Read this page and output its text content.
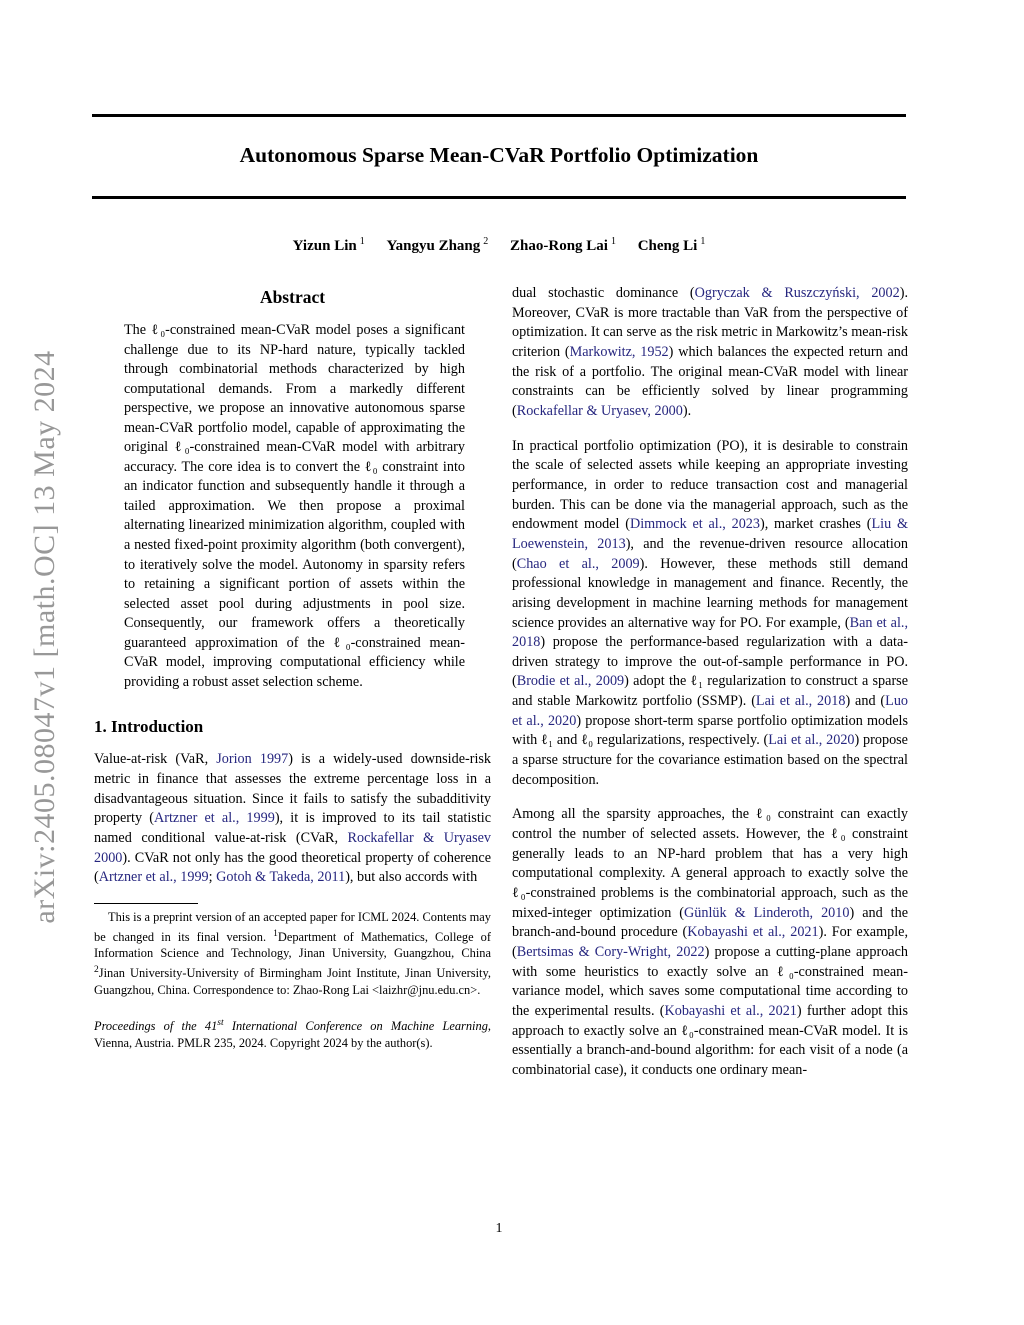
arXiv:2405.08047v1 [math.OC] 13 May 2024
Autonomous Sparse Mean-CVaR Portfolio Optimization
Yizun Lin $^1$ Yangyu Zhang $^2$ Zhao-Rong Lai $^1$ Cheng Li $^1$
Abstract
The ℓ₀-constrained mean-CVaR model poses a significant challenge due to its NP-hard nature, typically tackled through combinatorial methods characterized by high computational demands. From a markedly different perspective, we propose an innovative autonomous sparse mean-CVaR portfolio model, capable of approximating the original ℓ₀-constrained mean-CVaR model with arbitrary accuracy. The core idea is to convert the ℓ₀ constraint into an indicator function and subsequently handle it through a tailed approximation. We then propose a proximal alternating linearized minimization algorithm, coupled with a nested fixed-point proximity algorithm (both convergent), to iteratively solve the model. Autonomy in sparsity refers to retaining a significant portion of assets within the selected asset pool during adjustments in pool size. Consequently, our framework offers a theoretically guaranteed approximation of the ℓ₀-constrained mean-CVaR model, improving computational efficiency while providing a robust asset selection scheme.
1. Introduction
Value-at-risk (VaR, Jorion 1997) is a widely-used downside-risk metric in finance that assesses the extreme percentage loss in a disadvantageous situation. Since it fails to satisfy the subadditivity property (Artzner et al., 1999), it is improved to its tail statistic named conditional value-at-risk (CVaR, Rockafellar & Uryasev 2000). CVaR not only has the good theoretical property of coherence (Artzner et al., 1999; Gotoh & Takeda, 2011), but also accords with
This is a preprint version of an accepted paper for ICML 2024. Contents may be changed in its final version. $^1$Department of Mathematics, College of Information Science and Technology, Jinan University, Guangzhou, China $^2$Jinan University-University of Birmingham Joint Institute, Jinan University, Guangzhou, China. Correspondence to: Zhao-Rong Lai <laizhr@jnu.edu.cn>.
Proceedings of the 41st International Conference on Machine Learning, Vienna, Austria. PMLR 235, 2024. Copyright 2024 by the author(s).
dual stochastic dominance (Ogryczak & Ruszczyński, 2002). Moreover, CVaR is more tractable than VaR from the perspective of optimization. It can serve as the risk metric in Markowitz’s mean-risk criterion (Markowitz, 1952) which balances the expected return and the risk of a portfolio. The original mean-CVaR model with linear constraints can be efficiently solved by linear programming (Rockafellar & Uryasev, 2000).
In practical portfolio optimization (PO), it is desirable to constrain the scale of selected assets while keeping an appropriate investing performance, in order to reduce transaction cost and managerial burden. This can be done via the managerial approach, such as the endowment model (Dimmock et al., 2023), market crashes (Liu & Loewenstein, 2013), and the revenue-driven resource allocation (Chao et al., 2009). However, these methods still demand professional knowledge in management and finance. Recently, the arising development in machine learning methods for management science provides an alternative way for PO. For example, (Ban et al., 2018) propose the performance-based regularization with a data-driven strategy to improve the out-of-sample performance in PO. (Brodie et al., 2009) adopt the ℓ₁ regularization to construct a sparse and stable Markowitz portfolio (SSMP). (Lai et al., 2018) and (Luo et al., 2020) propose short-term sparse portfolio optimization models with ℓ₁ and ℓ₀ regularizations, respectively. (Lai et al., 2020) propose a sparse structure for the covariance estimation based on the spectral decomposition.
Among all the sparsity approaches, the ℓ₀ constraint can exactly control the number of selected assets. However, the ℓ₀ constraint generally leads to an NP-hard problem that has a very high computational complexity. A general approach to exactly solve the ℓ₀-constrained problems is the combinatorial approach, such as the mixed-integer optimization (Günlük & Linderoth, 2010) and the branch-and-bound procedure (Kobayashi et al., 2021). For example, (Bertsimas & Cory-Wright, 2022) propose a cutting-plane approach with some heuristics to exactly solve an ℓ₀-constrained mean-variance model, which saves some computational time according to the experimental results. (Kobayashi et al., 2021) further adopt this approach to exactly solve an ℓ₀-constrained mean-CVaR model. It is essentially a branch-and-bound algorithm: for each visit of a node (a combinatorial case), it conducts one ordinary mean-
1
